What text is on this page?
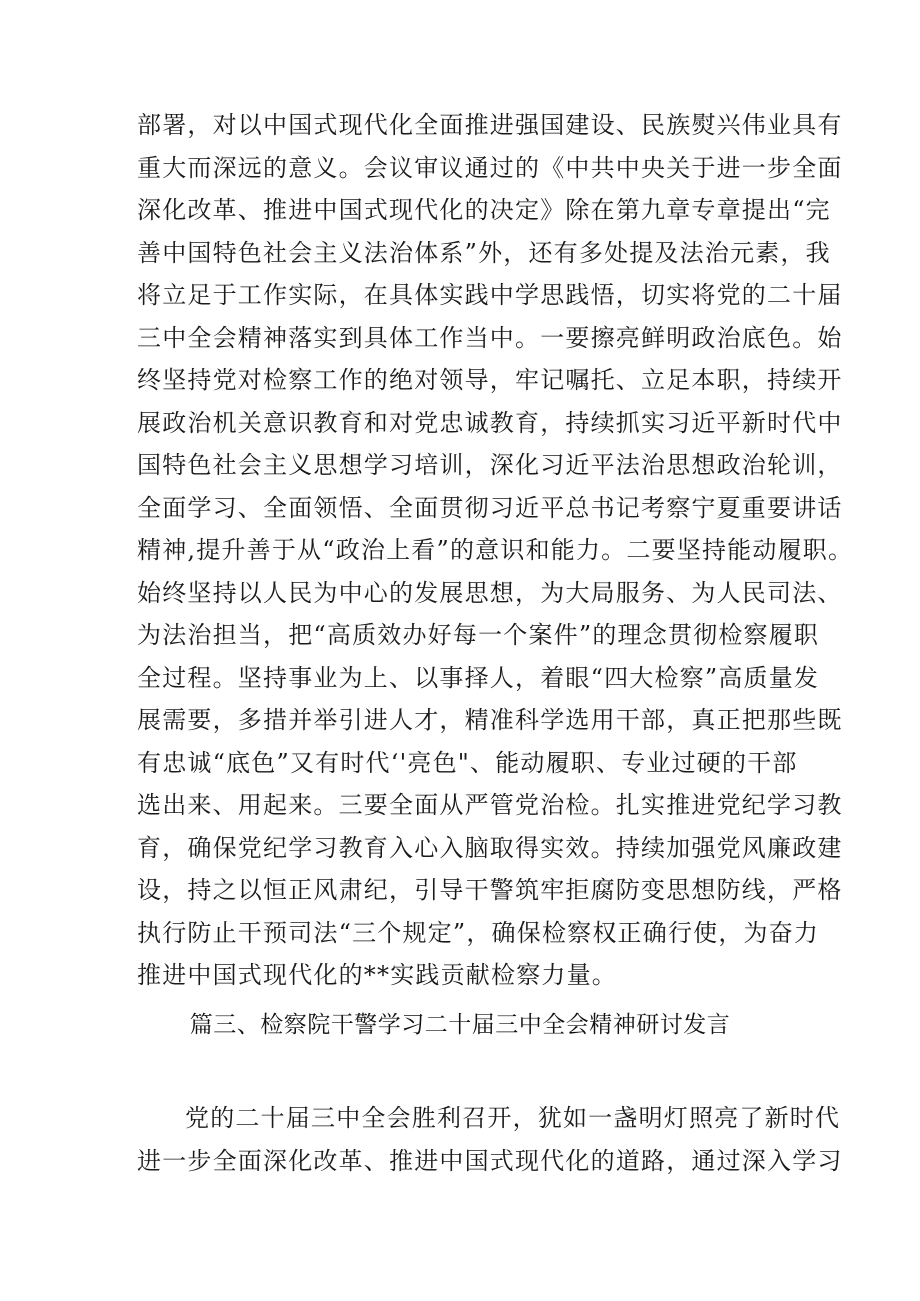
部署，对以中国式现代化全面推进强国建设、民族熨兴伟业具有
重大而深远的意义。会议审议通过的《中共中央关于进一步全面
深化改革、推进中国式现代化的决定》除在第九章专章提出“完
善中国特色社会主义法治体系”外，还有多处提及法治元素，我
将立足于工作实际，在具体实践中学思践悟，切实将党的二十届
三中全会精神落实到具体工作当中。一要擦亮鲜明政治底色。始
终坚持党对检察工作的绝对领导，牢记嘱托、立足本职，持续开
展政治机关意识教育和对党忠诚教育，持续抓实习近平新时代中
国特色社会主义思想学习培训，深化习近平法治思想政治轮训，
全面学习、全面领悟、全面贯彻习近平总书记考察宁夏重要讲话
精神,提升善于从“政治上看”的意识和能力。二要坚持能动履职。
始终坚持以人民为中心的发展思想，为大局服务、为人民司法、
为法治担当，把“高质效办好每一个案件”的理念贯彻检察履职
全过程。坚持事业为上、以事择人，着眼“四大检察”高质量发
展需要，多措并举引进人才，精准科学选用干部，真正把那些既
有忠诚“底色”又有时代‘'亮色"、能动履职、专业过硬的干部
选出来、用起来。三要全面从严管党治检。扎实推进党纪学习教
育，确保党纪学习教育入心入脑取得实效。持续加强党风廉政建
设，持之以恒正风肃纪，引导干警筑牢拒腐防变思想防线，严格
执行防止干预司法“三个规定”，确保检察权正确行使，为奋力
推进中国式现代化的**实践贡献检察力量。
篇三、检察院干警学习二十届三中全会精神研讨发言
党的二十届三中全会胜利召开，犹如一盏明灯照亮了新时代
进一步全面深化改革、推进中国式现代化的道路，通过深入学习
